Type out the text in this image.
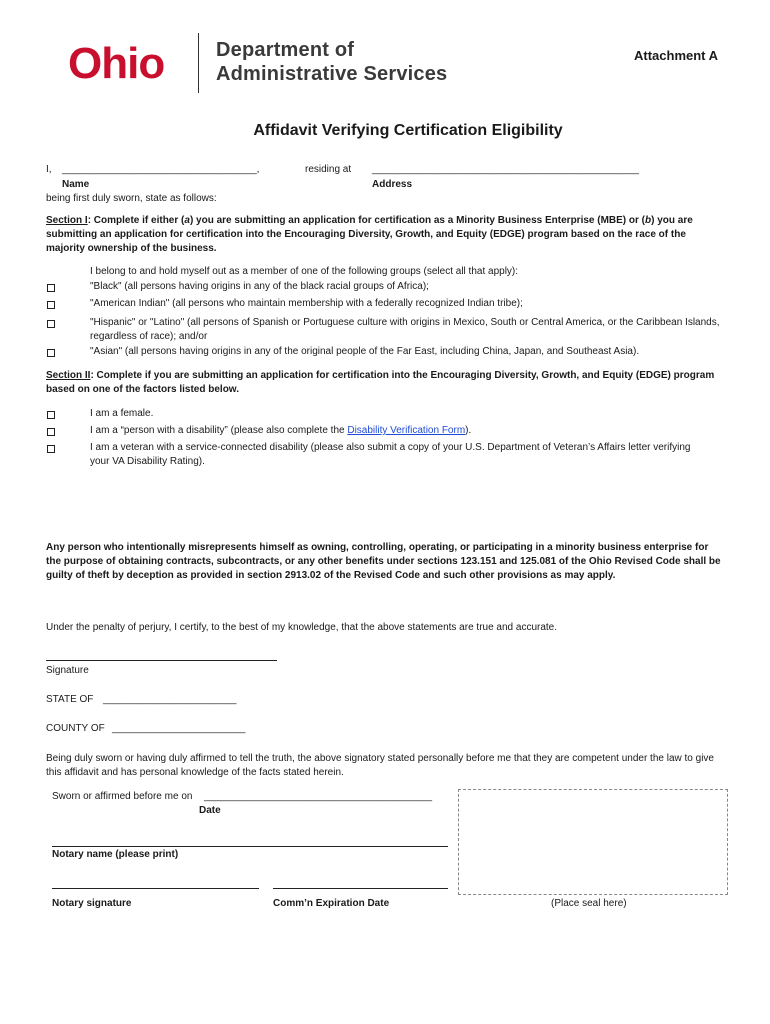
Ohio	Department of
Administrative Services
Attachment A
Affidavit Verifying Certification Eligibility
I, ___________________________________,	residing at ________________________________________________
Name	Address
being first duly sworn, state as follows:
Section I: Complete if either (a) you are submitting an application for certification as a Minority Business Enterprise (MBE) or (b) you are submitting an application for certification into the Encouraging Diversity, Growth, and Equity (EDGE) program based on the race of the majority ownership of the business.
I belong to and hold myself out as a member of one of the following groups (select all that apply):
"Black" (all persons having origins in any of the black racial groups of Africa);
"American Indian" (all persons who maintain membership with a federally recognized Indian tribe);
"Hispanic" or "Latino" (all persons of Spanish or Portuguese culture with origins in Mexico, South or Central America, or the Caribbean Islands, regardless of race); and/or
"Asian" (all persons having origins in any of the original people of the Far East, including China, Japan, and Southeast Asia).
Section II: Complete if you are submitting an application for certification into the Encouraging Diversity, Growth, and Equity (EDGE) program based on one of the factors listed below.
I am a female.
I am a “person with a disability” (please also complete the Disability Verification Form).
I am a veteran with a service-connected disability (please also submit a copy of your U.S. Department of Veteran’s Affairs letter verifying your VA Disability Rating).
Any person who intentionally misrepresents himself as owning, controlling, operating, or participating in a minority business enterprise for the purpose of obtaining contracts, subcontracts, or any other benefits under sections 123.151 and 125.081 of the Ohio Revised Code shall be guilty of theft by deception as provided in section 2913.02 of the Revised Code and such other provisions as may apply.
Under the penalty of perjury, I certify, to the best of my knowledge, that the above statements are true and accurate.
Signature
STATE OF ________________________
COUNTY OF ________________________
Being duly sworn or having duly affirmed to tell the truth, the above signatory stated personally before me that they are competent under the law to give this affidavit and has personal knowledge of the facts stated herein.
Sworn or affirmed before me on _________________________________________
Date
Notary name (please print)
Notary signature	Comm’n Expiration Date	(Place seal here)
